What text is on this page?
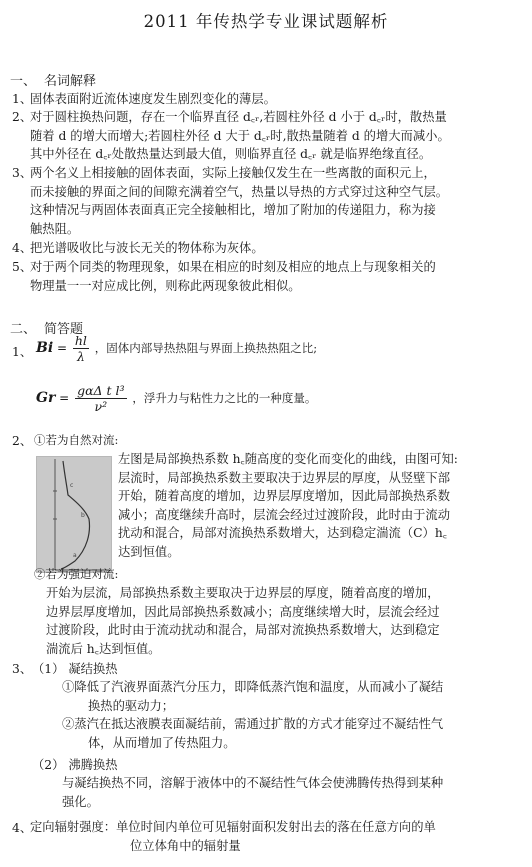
2011 年传热学专业课试题解析
一、 名词解释
1、
固体表面附近流体速度发生剧烈变化的薄层。
2、
对于圆柱换热问题，存在一个临界直径 d꜀ᵣ,若圆柱外径 d 小于 d꜀ᵣ时，散热量
随着 d 的增大而增大;若圆柱外径 d 大于 d꜀ᵣ时,散热量随着 d 的增大而减小。
其中外径在 d꜀ᵣ处散热量达到最大值，则临界直径 d꜀ᵣ 就是临界绝缘直径。
3、
两个名义上相接触的固体表面，实际上接触仅发生在一些离散的面积元上，
而未接触的界面之间的间隙充满着空气，热量以导热的方式穿过这种空气层。
这种情况与两固体表面真正完全接触相比，增加了附加的传递阻力，称为接
触热阻。
4、
把光谱吸收比与波长无关的物体称为灰体。
5、
对于两个同类的物理现象，如果在相应的时刻及相应的地点上与现象相关的
物理量一一对应成比例，则称此两现象彼此相似。
二、 简答题
1、 $Bi = \frac{hl}{\lambda}$ ，固体内部导热热阻与界面上换热热阻之比;
Gr = gαΔ t l³
ν²
，浮升力与粘性力之比的一种度量。
2、 ①若为自然对流:
a
b
c
左图是局部换热系数 h꜀随高度的变化而变化的曲线，由图可知:
层流时，局部换热系数主要取决于边界层的厚度，从竖壁下部
开始，随着高度的增加，边界层厚度增加，因此局部换热系数
减小；高度继续升高时，层流会经过过渡阶段，此时由于流动
扰动和混合，局部对流换热系数增大，达到稳定湍流（C）h꜀
达到恒值。
②若为强迫对流:
开始为层流，局部换热系数主要取决于边界层的厚度，随着高度的增加，
边界层厚度增加，因此局部换热系数减小；高度继续增大时，层流会经过
过渡阶段，此时由于流动扰动和混合，局部对流换热系数增大，达到稳定
湍流后 h꜀达到恒值。
3、 （1） 凝结换热
①降低了汽液界面蒸汽分压力，即降低蒸汽饱和温度，从而减小了凝结
换热的驱动力；
②蒸汽在抵达液膜表面凝结前，需通过扩散的方式才能穿过不凝结性气
体，从而增加了传热阻力。
（2） 沸腾换热
与凝结换热不同，溶解于液体中的不凝结性气体会使沸腾传热得到某种
强化。
4、
定向辐射强度：单位时间内单位可见辐射面积发射出去的落在任意方向的单
位立体角中的辐射量
